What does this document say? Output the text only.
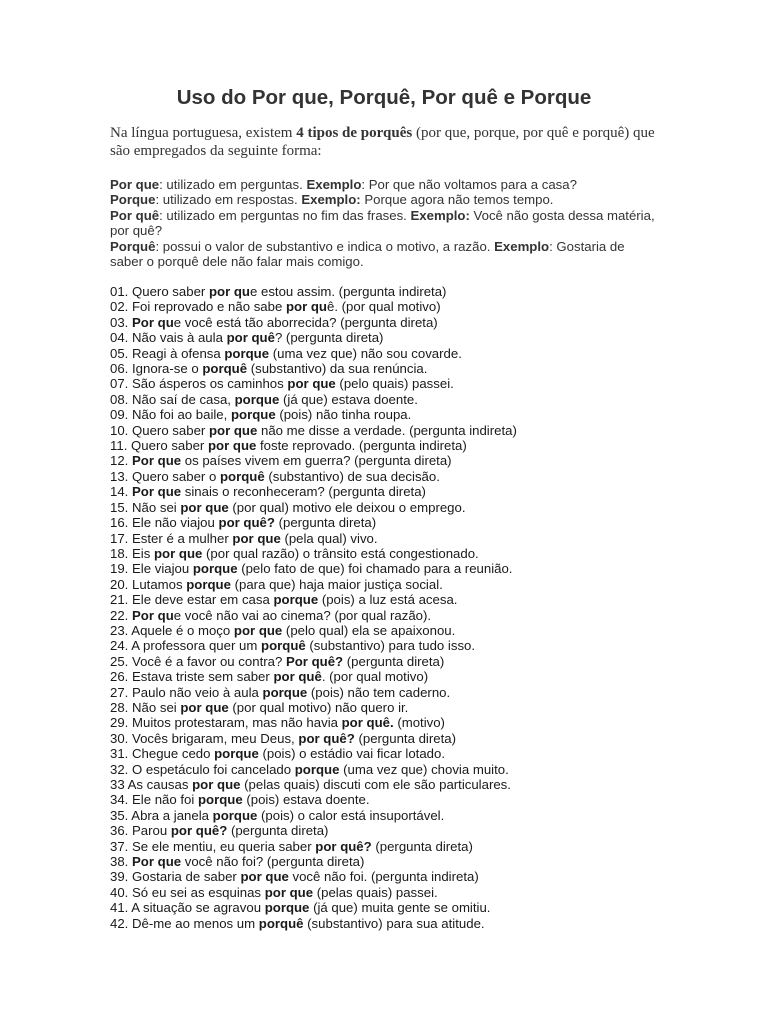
Uso do Por que, Porquê, Por quê e Porque

Na língua portuguesa, existem 4 tipos de porquês (por que, porque, por quê e porquê) que são empregados da seguinte forma:

Por que: utilizado em perguntas. Exemplo: Por que não voltamos para a casa?

Porque: utilizado em respostas. Exemplo: Porque agora não temos tempo.

Por quê: utilizado em perguntas no fim das frases. Exemplo: Você não gosta dessa matéria, por quê?

Porquê: possui o valor de substantivo e indica o motivo, a razão. Exemplo: Gostaria de saber o porquê dele não falar mais comigo.

01. Quero saber por que estou assim. (pergunta indireta)
02. Foi reprovado e não sabe por quê. (por qual motivo)
03. Por que você está tão aborrecida? (pergunta direta)
04. Não vais à aula por quê? (pergunta direta)
05. Reagi à ofensa porque (uma vez que) não sou covarde.
06. Ignora-se o porquê (substantivo) da sua renúncia.
07. São ásperos os caminhos por que (pelo quais) passei.
08. Não saí de casa, porque (já que) estava doente.
09. Não foi ao baile, porque (pois) não tinha roupa.
10. Quero saber por que não me disse a verdade. (pergunta indireta)
11. Quero saber por que foste reprovado. (pergunta indireta)
12. Por que os países vivem em guerra? (pergunta direta)
13. Quero saber o porquê (substantivo) de sua decisão.
14. Por que sinais o reconheceram? (pergunta direta)
15. Não sei por que (por qual) motivo ele deixou o emprego.
16. Ele não viajou por quê? (pergunta direta)
17. Ester é a mulher por que (pela qual) vivo.
18. Eis por que (por qual razão) o trânsito está congestionado.
19. Ele viajou porque (pelo fato de que) foi chamado para a reunião.
20. Lutamos porque (para que) haja maior justiça social.
21. Ele deve estar em casa porque (pois) a luz está acesa.
22. Por que você não vai ao cinema? (por qual razão).
23. Aquele é o moço por que (pelo qual) ela se apaixonou.
24. A professora quer um porquê (substantivo) para tudo isso.
25. Você é a favor ou contra? Por quê? (pergunta direta)
26. Estava triste sem saber por quê. (por qual motivo)
27. Paulo não veio à aula porque (pois) não tem caderno.
28. Não sei por que (por qual motivo) não quero ir.
29. Muitos protestaram, mas não havia por quê. (motivo)
30. Vocês brigaram, meu Deus, por quê? (pergunta direta)
31. Chegue cedo porque (pois) o estádio vai ficar lotado.
32. O espetáculo foi cancelado porque (uma vez que) chovia muito.
33 As causas por que (pelas quais) discuti com ele são particulares.
34. Ele não foi porque (pois) estava doente.
35. Abra a janela porque (pois) o calor está insuportável.
36. Parou por quê? (pergunta direta)
37. Se ele mentiu, eu queria saber por quê? (pergunta direta)
38. Por que você não foi? (pergunta direta)
39. Gostaria de saber por que você não foi. (pergunta indireta)
40. Só eu sei as esquinas por que (pelas quais) passei.
41. A situação se agravou porque (já que) muita gente se omitiu.
42. Dê-me ao menos um porquê (substantivo) para sua atitude.
